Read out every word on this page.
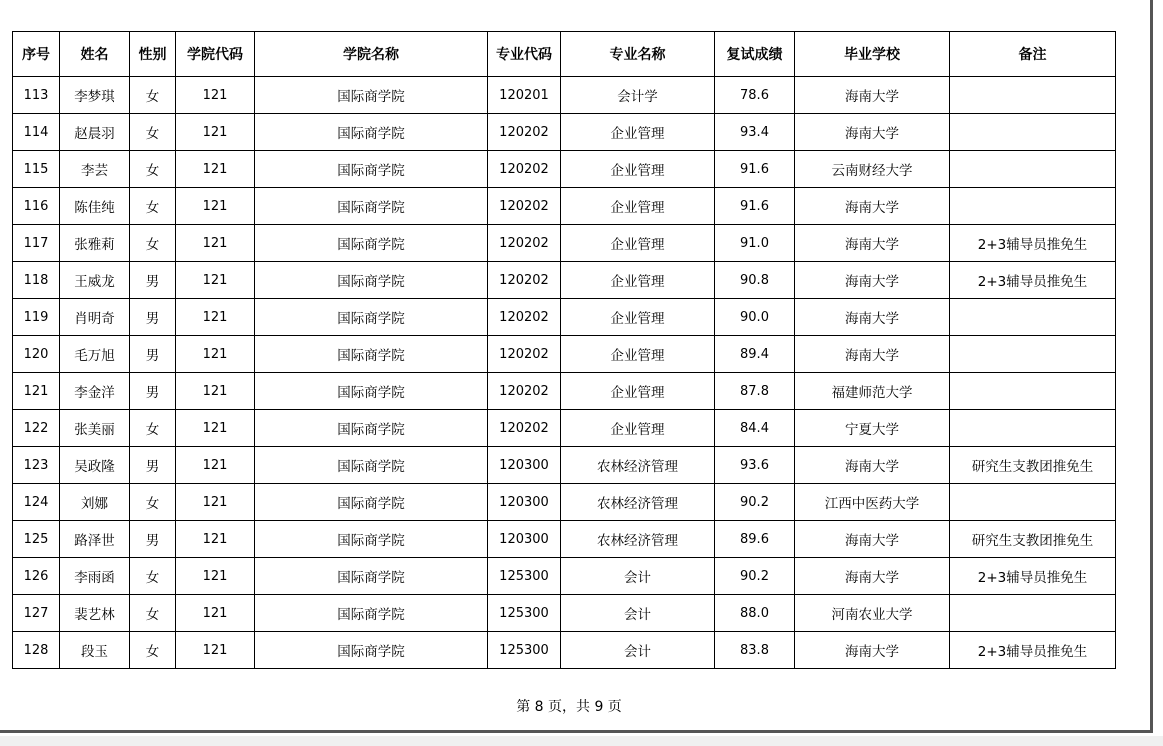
序号	姓名	性别	学院代码	学院名称	专业代码	专业名称	复试成绩	毕业学校	备注
113	李梦琪	女	121	国际商学院	120201	会计学	78.6	海南大学	
114	赵晨羽	女	121	国际商学院	120202	企业管理	93.4	海南大学	
115	李芸	女	121	国际商学院	120202	企业管理	91.6	云南财经大学	
116	陈佳纯	女	121	国际商学院	120202	企业管理	91.6	海南大学	
117	张雅莉	女	121	国际商学院	120202	企业管理	91.0	海南大学	2+3辅导员推免生
118	王威龙	男	121	国际商学院	120202	企业管理	90.8	海南大学	2+3辅导员推免生
119	肖明奇	男	121	国际商学院	120202	企业管理	90.0	海南大学	
120	毛万旭	男	121	国际商学院	120202	企业管理	89.4	海南大学	
121	李金洋	男	121	国际商学院	120202	企业管理	87.8	福建师范大学	
122	张美丽	女	121	国际商学院	120202	企业管理	84.4	宁夏大学	
123	吴政隆	男	121	国际商学院	120300	农林经济管理	93.6	海南大学	研究生支教团推免生
124	刘娜	女	121	国际商学院	120300	农林经济管理	90.2	江西中医药大学	
125	路泽世	男	121	国际商学院	120300	农林经济管理	89.6	海南大学	研究生支教团推免生
126	李雨函	女	121	国际商学院	125300	会计	90.2	海南大学	2+3辅导员推免生
127	裴艺林	女	121	国际商学院	125300	会计	88.0	河南农业大学	
128	段玉	女	121	国际商学院	125300	会计	83.8	海南大学	2+3辅导员推免生
第 8 页，共 9 页
